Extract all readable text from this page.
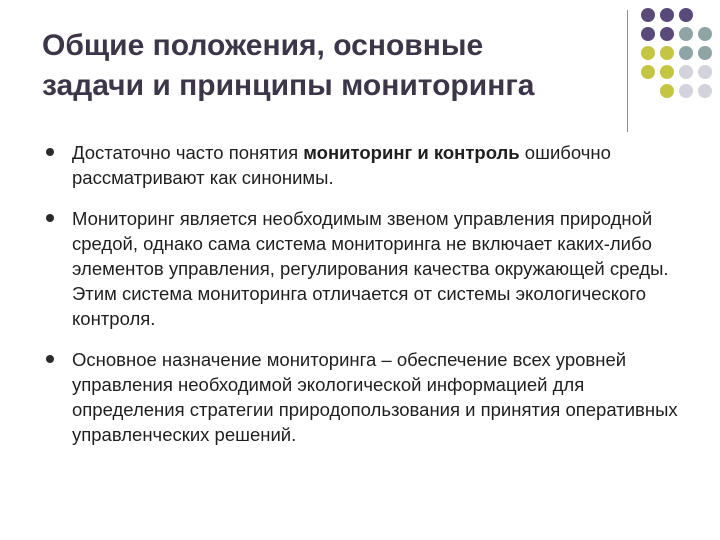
Общие положения, основные
задачи и принципы мониторинга
Достаточно часто понятия мониторинг и контроль ошибочно рассматривают как синонимы.
Мониторинг является необходимым звеном управления природной средой, однако сама система мониторинга не включает каких-либо элементов управления, регулирования качества окружающей среды. Этим система мониторинга отличается от системы экологического контроля.
Основное назначение мониторинга – обеспечение всех уровней управления необходимой экологической информацией для определения стратегии природопользования и принятия оперативных управленческих решений.
